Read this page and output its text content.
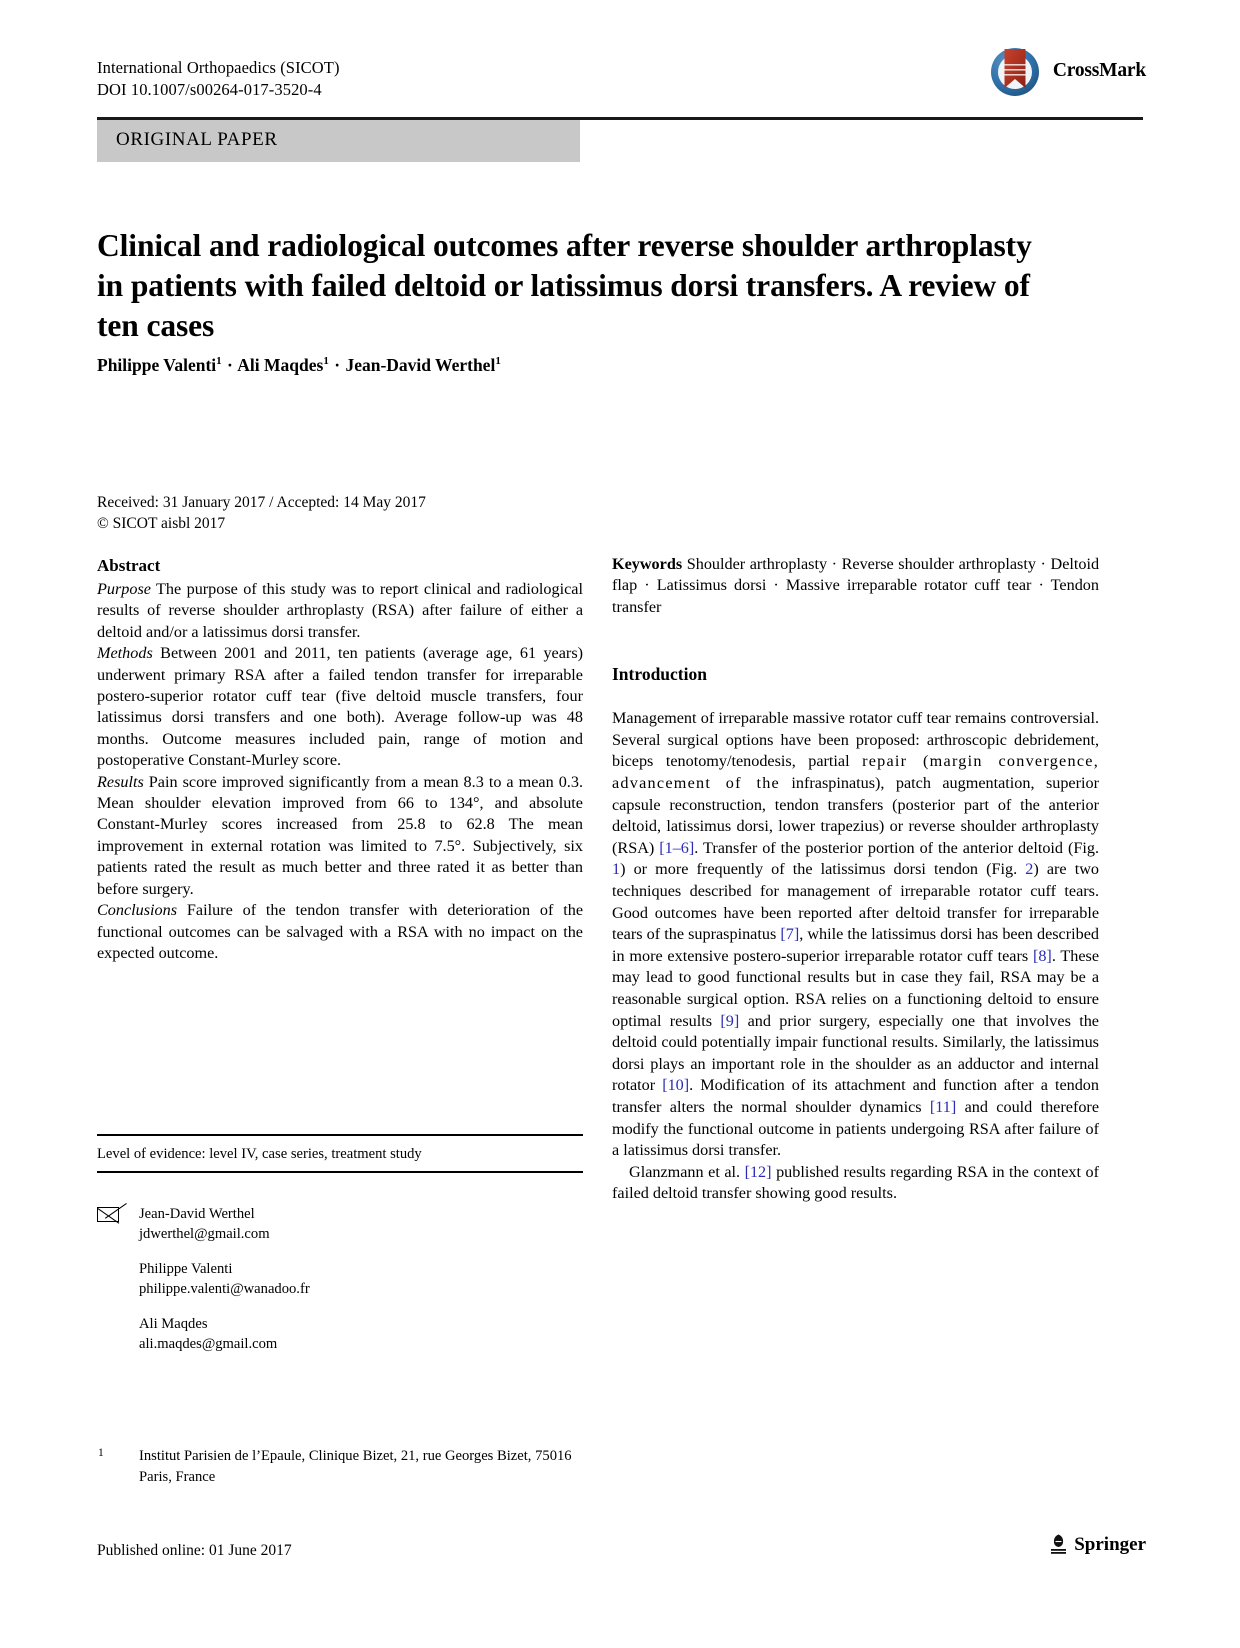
International Orthopaedics (SICOT)
DOI 10.1007/s00264-017-3520-4
CrossMark
ORIGINAL PAPER
Clinical and radiological outcomes after reverse shoulder arthroplasty in patients with failed deltoid or latissimus dorsi transfers. A review of ten cases
Philippe Valenti$^1$ · Ali Maqdes$^1$ · Jean-David Werthel$^1$
Received: 31 January 2017 / Accepted: 14 May 2017
© SICOT aisbl 2017
Abstract

Purpose The purpose of this study was to report clinical and radiological results of reverse shoulder arthroplasty (RSA) after failure of either a deltoid and/or a latissimus dorsi transfer.

Methods Between 2001 and 2011, ten patients (average age, 61 years) underwent primary RSA after a failed tendon transfer for irreparable postero-superior rotator cuff tear (five deltoid muscle transfers, four latissimus dorsi transfers and one both). Average follow-up was 48 months. Outcome measures included pain, range of motion and postoperative Constant-Murley score.

Results Pain score improved significantly from a mean 8.3 to a mean 0.3. Mean shoulder elevation improved from 66 to 134°, and absolute Constant-Murley scores increased from 25.8 to 62.8 The mean improvement in external rotation was limited to 7.5°. Subjectively, six patients rated the result as much better and three rated it as better than before surgery.

Conclusions Failure of the tendon transfer with deterioration of the functional outcomes can be salvaged with a RSA with no impact on the expected outcome.

Keywords Shoulder arthroplasty · Reverse shoulder arthroplasty · Deltoid flap · Latissimus dorsi · Massive irreparable rotator cuff tear · Tendon transfer

Introduction

Management of irreparable massive rotator cuff tear remains controversial. Several surgical options have been proposed: arthroscopic debridement, biceps tenotomy/tenodesis, partial repair (margin convergence, advancement of the infraspinatus), patch augmentation, superior capsule reconstruction, tendon transfers (posterior part of the anterior deltoid, latissimus dorsi, lower trapezius) or reverse shoulder arthroplasty (RSA) [1–6]. Transfer of the posterior portion of the anterior deltoid (Fig. 1) or more frequently of the latissimus dorsi tendon (Fig. 2) are two techniques described for management of irreparable rotator cuff tears. Good outcomes have been reported after deltoid transfer for irreparable tears of the supraspinatus [7], while the latissimus dorsi has been described in more extensive postero-superior irreparable rotator cuff tears [8]. These may lead to good functional results but in case they fail, RSA may be a reasonable surgical option. RSA relies on a functioning deltoid to ensure optimal results [9] and prior surgery, especially one that involves the deltoid could potentially impair functional results. Similarly, the latissimus dorsi plays an important role in the shoulder as an adductor and internal rotator [10]. Modification of its attachment and function after a tendon transfer alters the normal shoulder dynamics [11] and could therefore modify the functional outcome in patients undergoing RSA after failure of a latissimus dorsi transfer.

Glanzmann et al. [12] published results regarding RSA in the context of failed deltoid transfer showing good results.

Level of evidence: level IV, case series, treatment study
Jean-David Werthel
jdwerthel@gmail.com
Philippe Valenti
philippe.valenti@wanadoo.fr
Ali Maqdes
ali.maqdes@gmail.com
1 Institut Parisien de l’Epaule, Clinique Bizet, 21, rue Georges Bizet, 75016 Paris, France
Published online: 01 June 2017	Springer
